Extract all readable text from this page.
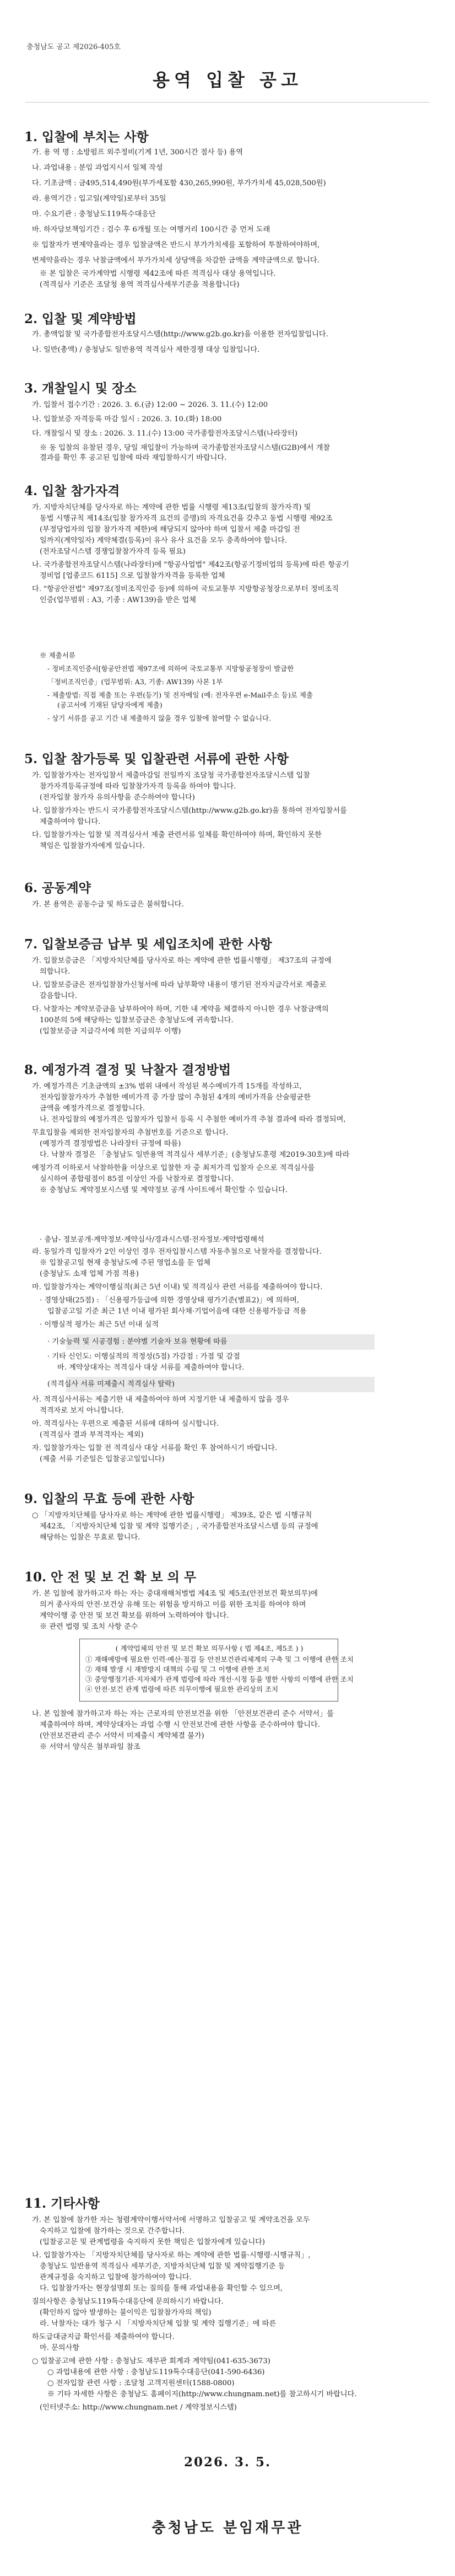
충청남도 공고 제2026-405호
용역 입찰 공고
1. 입찰에 부치는 사항
가. 용 역 명 : 소방펌프 외주정비(기계 1년, 300시간 점사 등) 용역
나. 과업내용 : 분임 과업지시서 일체 작성
다. 기초금액 : 금495,514,490원(부가세포함 430,265,990원, 부가가치세 45,028,500원)
라. 용역기간 : 입고일(계약일)로부터 35일
마. 수요기관 : 충청남도119특수대응단
바. 하자담보책임기간 : 검수 후 6개월 또는 여행거리 100시간 중 먼저 도래
※ 입찰자가 변제약을라는 경우 입찰금액은 반드시 부가가치세를 포함하여 투찰하여야하며,
변제약을라는 경우 낙찰금액에서 부가가치세 상당액을 차감한 금액을 계약금액으로 합니다.
※ 본 입찰은 국가계약법 시행령 제42조에 따른 적격심사 대상 용역입니다.
(적격심사 기준은 조달청 용역 적격심사세부기준을 적용합니다)
2. 입찰 및 계약방법
가. 총액입찰 및 국가종합전자조달시스템(http://www.g2b.go.kr)을 이용한 전자입찰입니다.
나. 일반(총액) / 충청남도 일반용역 적격심사 제한경쟁 대상 입찰입니다.
3. 개찰일시 및 장소
가. 입찰서 접수기간 : 2026. 3. 6.(금) 12:00 ~ 2026. 3. 11.(수) 12:00
나. 입찰보증 자격등록 마감 일시 : 2026. 3. 10.(화) 18:00
다. 개찰일시 및 장소 : 2026. 3. 11.(수) 13:00 국가종합전자조달시스템(나라장터)
※ 동 입찰의 유찰된 경우, 당일 재입찰이 가능하며 국가종합전자조달시스템(G2B)에서 개찰
결과를 확인 후 공고된 입찰에 따라 재입찰하시기 바랍니다.
4. 입찰 참가자격
가. 지방자치단체를 당사자로 하는 계약에 관한 법률 시행령 제13조(입찰의 참가자격) 및
동법 시행규칙 제14조(입찰 참가자격 요건의 증명)의 자격요건을 갖추고 동법 시행령 제92조
(부정당업자의 입찰 참가자격 제한)에 해당되지 않아야 하며 입찰서 제출 마감일 전
일까지(계약일자) 계약체결(등록)이 유사 유사 요건을 모두 충족하여야 합니다.
(전자조달시스템 경쟁입찰참가자격 등록 필요)
나. 국가종합전자조달시스템(나라장터)에 "항공사업법" 제42조(항공기정비업의 등록)에 따른 항공기
정비업 [업종코드 6115] 으로 입찰참가자격을 등록한 업체
다. "항공안전법" 제97조(정비조직인증 등)에 의하여 국토교통부 지방항공청장으로부터 정비조직
인증(업무범위 : A3, 기종 : AW139)을 받은 업체
※ 제출서류
- 정비조직인증서[항공안전법 제97조에 의하여 국토교통부 지방항공청장이 발급한
「정비조직인증」(업무범위: A3, 기종: AW139) 사본 1부
- 제출방법: 직접 제출 또는 우편(등기) 및 전자메일 (예: 전자우편 e-Mail주소 등)로 제출
(공고서에 기재된 담당자에게 제출)
- 상기 서류를 공고 기간 내 제출하지 않을 경우 입찰에 참여할 수 없습니다.
5. 입찰 참가등록 및 입찰관련 서류에 관한 사항
가. 입찰참가자는 전자입찰서 제출마감일 전일까지 조달청 국가종합전자조달시스템 입찰
참가자격등록규정에 따라 입찰참가자격 등록을 하여야 합니다.
(전자입찰 참가자 유의사항을 준수하여야 합니다)
나. 입찰참가자는 반드시 국가종합전자조달시스템(http://www.g2b.go.kr)을 통하여 전자입찰서를
제출하여야 합니다.
다. 입찰참가자는 입찰 및 적격심사서 제출 관련서류 일체를 확인하여야 하며, 확인하지 못한
책임은 입찰참가자에게 있습니다.
6. 공동계약
가. 본 용역은 공동수급 및 하도급은 불허합니다.
7. 입찰보증금 납부 및 세입조치에 관한 사항
가. 입찰보증금은 「지방자치단체를 당사자로 하는 계약에 관한 법률시행령」 제37조의 규정에
의합니다.
나. 입찰보증금은 전자입찰참가신청서에 따라 납부확약 내용이 명기된 전자지급각서로 제출로
갈음합니다.
다. 낙찰자는 계약보증금을 납부하여야 하며, 기한 내 계약을 체결하지 아니한 경우 낙찰금액의
100분의 5에 해당하는 입찰보증금은 충청남도에 귀속합니다.
(입찰보증금 지급각서에 의한 지급의무 이행)
8. 예정가격 결정 및 낙찰자 결정방법
가. 예정가격은 기초금액의 ±3% 범위 내에서 작성된 복수예비가격 15개를 작성하고,
전자입찰참가자가 추첨한 예비가격 중 가장 많이 추첨된 4개의 예비가격을 산술평균한
금액을 예정가격으로 결정합니다.
나. 전자입찰의 예정가격은 입찰자가 입찰서 등록 시 추첨한 예비가격 추첨 결과에 따라 결정되며,
무효입찰을 제외한 전자입찰자의 추첨번호를 기준으로 합니다.
(예정가격 결정방법은 나라장터 규정에 따름)
다. 낙찰자 결정은 「충청남도 일반용역 적격심사 세부기준」(충청남도훈령 제2019-30호)에 따라
예정가격 이하로서 낙찰하한율 이상으로 입찰한 자 중 최저가격 입찰자 순으로 적격심사를
실시하여 종합평점이 85점 이상인 자를 낙찰자로 결정합니다.
※ 충청남도 계약정보시스템 및 계약정보 공개 사이트에서 확인할 수 있습니다.
· 충남- 정보공개·계약정보·계약심사/경과시스템·전자정보·계약법령해석
라. 동일가격 입찰자가 2인 이상인 경우 전자입찰시스템 자동추첨으로 낙찰자를 결정합니다.
※ 입찰공고일 현재 충청남도에 주된 영업소를 둔 업체
(충청남도 소재 업체 가점 적용)
마. 입찰참가자는 계약이행실적(최근 5년 이내) 및 적격심사 관련 서류를 제출하여야 합니다.
· 경영상태(25점) : 「신용평가등급에 의한 경영상태 평가기준(별표2)」에 의하며,
입찰공고일 기준 최근 1년 이내 평가된 회사채·기업어음에 대한 신용평가등급 적용
· 이행실적 평가는 최근 5년 이내 실적
· 기술능력 및 시공경험 : 분야별 기술자 보유 현황에 따름
· 기타 신인도: 이행실적의 적정성(5점) 가감점 : 가점 및 감점
바. 계약상대자는 적격심사 대상 서류를 제출하여야 합니다.
(적격심사 서류 미제출시 적격심사 탈락)
사. 적격심사서류는 제출기한 내 제출하여야 하며 지정기한 내 제출하지 않을 경우
적격자로 보지 아니합니다.
아. 적격심사는 우편으로 제출된 서류에 대하여 실시합니다.
(적격심사 결과 부적격자는 제외)
자. 입찰참가자는 입찰 전 적격심사 대상 서류를 확인 후 참여하시기 바랍니다.
(제출 서류 기준일은 입찰공고일입니다)
9. 입찰의 무효 등에 관한 사항
○ 「지방자치단체를 당사자로 하는 계약에 관한 법률시행령」 제39조, 같은 법 시행규칙
제42조, 「지방자치단체 입찰 및 계약 집행기준」, 국가종합전자조달시스템 등의 규정에
해당하는 입찰은 무효로 합니다.
10. 안 전 및 보 건 확 보 의 무
가. 본 입찰에 참가하고자 하는 자는 중대재해처벌법 제4조 및 제5조(안전보건 확보의무)에
의거 종사자의 안전·보건상 유해 또는 위험을 방지하고 이를 위한 조치를 하여야 하며
계약이행 중 안전 및 보건 확보를 위하여 노력하여야 합니다.
※ 관련 법령 및 조치 사항 준수
( 계약업체의 안전 및 보건 확보 의무사항 ( 법 제4조, 제5조 ) )
① 재해예방에 필요한 인력·예산·점검 등 안전보건관리체계의 구축 및 그 이행에 관한 조치
② 재해 발생 시 재발방지 대책의 수립 및 그 이행에 관한 조치
③ 중앙행정기관·지자체가 관계 법령에 따라 개선·시정 등을 명한 사항의 이행에 관한 조치
④ 안전·보건 관계 법령에 따른 의무이행에 필요한 관리상의 조치
나. 본 입찰에 참가하고자 하는 자는 근로자의 안전보건을 위한 「안전보건관리 준수 서약서」를
제출하여야 하며, 계약상대자는 과업 수행 시 안전보건에 관한 사항을 준수하여야 합니다.
(안전보건관리 준수 서약서 미제출시 계약체결 불가)
※ 서약서 양식은 첨부파일 참조
11. 기타사항
가. 본 입찰에 참가한 자는 청렴계약이행서약서에 서명하고 입찰공고 및 계약조건을 모두
숙지하고 입찰에 참가하는 것으로 간주합니다.
(입찰공고문 및 관계법령을 숙지하지 못한 책임은 입찰자에게 있습니다)
나. 입찰참가자는 「지방자치단체를 당사자로 하는 계약에 관한 법률·시행령·시행규칙」,
충청남도 일반용역 적격심사 세부기준, 지방자치단체 입찰 및 계약집행기준 등
관계규정을 숙지하고 입찰에 참가하여야 합니다.
다. 입찰참가자는 현장설명회 또는 질의를 통해 과업내용을 확인할 수 있으며,
질의사항은 충청남도119특수대응단에 문의하시기 바랍니다.
(확인하지 않아 발생하는 불이익은 입찰참가자의 책임)
라. 낙찰자는 대가 청구 시 「지방자치단체 입찰 및 계약 집행기준」에 따른
하도급대금지급 확인서를 제출하여야 합니다.
마. 문의사항
○ 입찰공고에 관한 사항 : 충청남도 재무관 회계과 계약팀(041-635-3673)
○ 과업내용에 관한 사항 : 충청남도119특수대응단(041-590-6436)
○ 전자입찰 관련 사항 : 조달청 고객지원센터(1588-0800)
※ 기타 자세한 사항은 충청남도 홈페이지(http://www.chungnam.net)를 참고하시기 바랍니다.
(인터넷주소: http://www.chungnam.net / 계약정보시스템)
2026. 3. 5.
충청남도 분임재무관
